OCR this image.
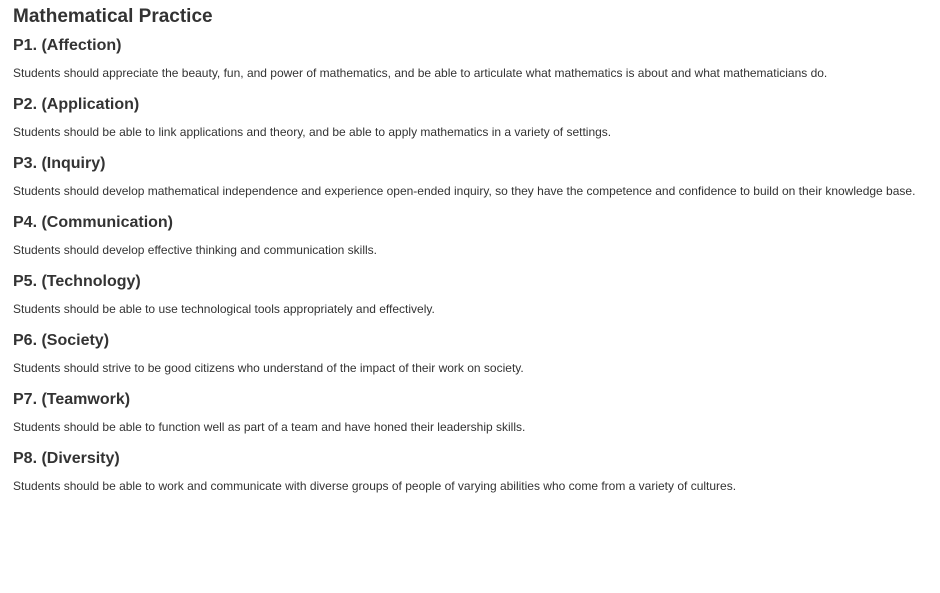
Mathematical Practice
P1. (Affection)

Students should appreciate the beauty, fun, and power of mathematics, and be able to articulate what mathematics is about and what mathematicians do.

P2. (Application)

Students should be able to link applications and theory, and be able to apply mathematics in a variety of settings.

P3. (Inquiry)

Students should develop mathematical independence and experience open-ended inquiry, so they have the competence and confidence to build on their knowledge base.

P4. (Communication)

Students should develop effective thinking and communication skills.

P5. (Technology)

Students should be able to use technological tools appropriately and effectively.

P6. (Society)

Students should strive to be good citizens who understand of the impact of their work on society.

P7. (Teamwork)

Students should be able to function well as part of a team and have honed their leadership skills.

P8. (Diversity)

Students should be able to work and communicate with diverse groups of people of varying abilities who come from a variety of cultures.
